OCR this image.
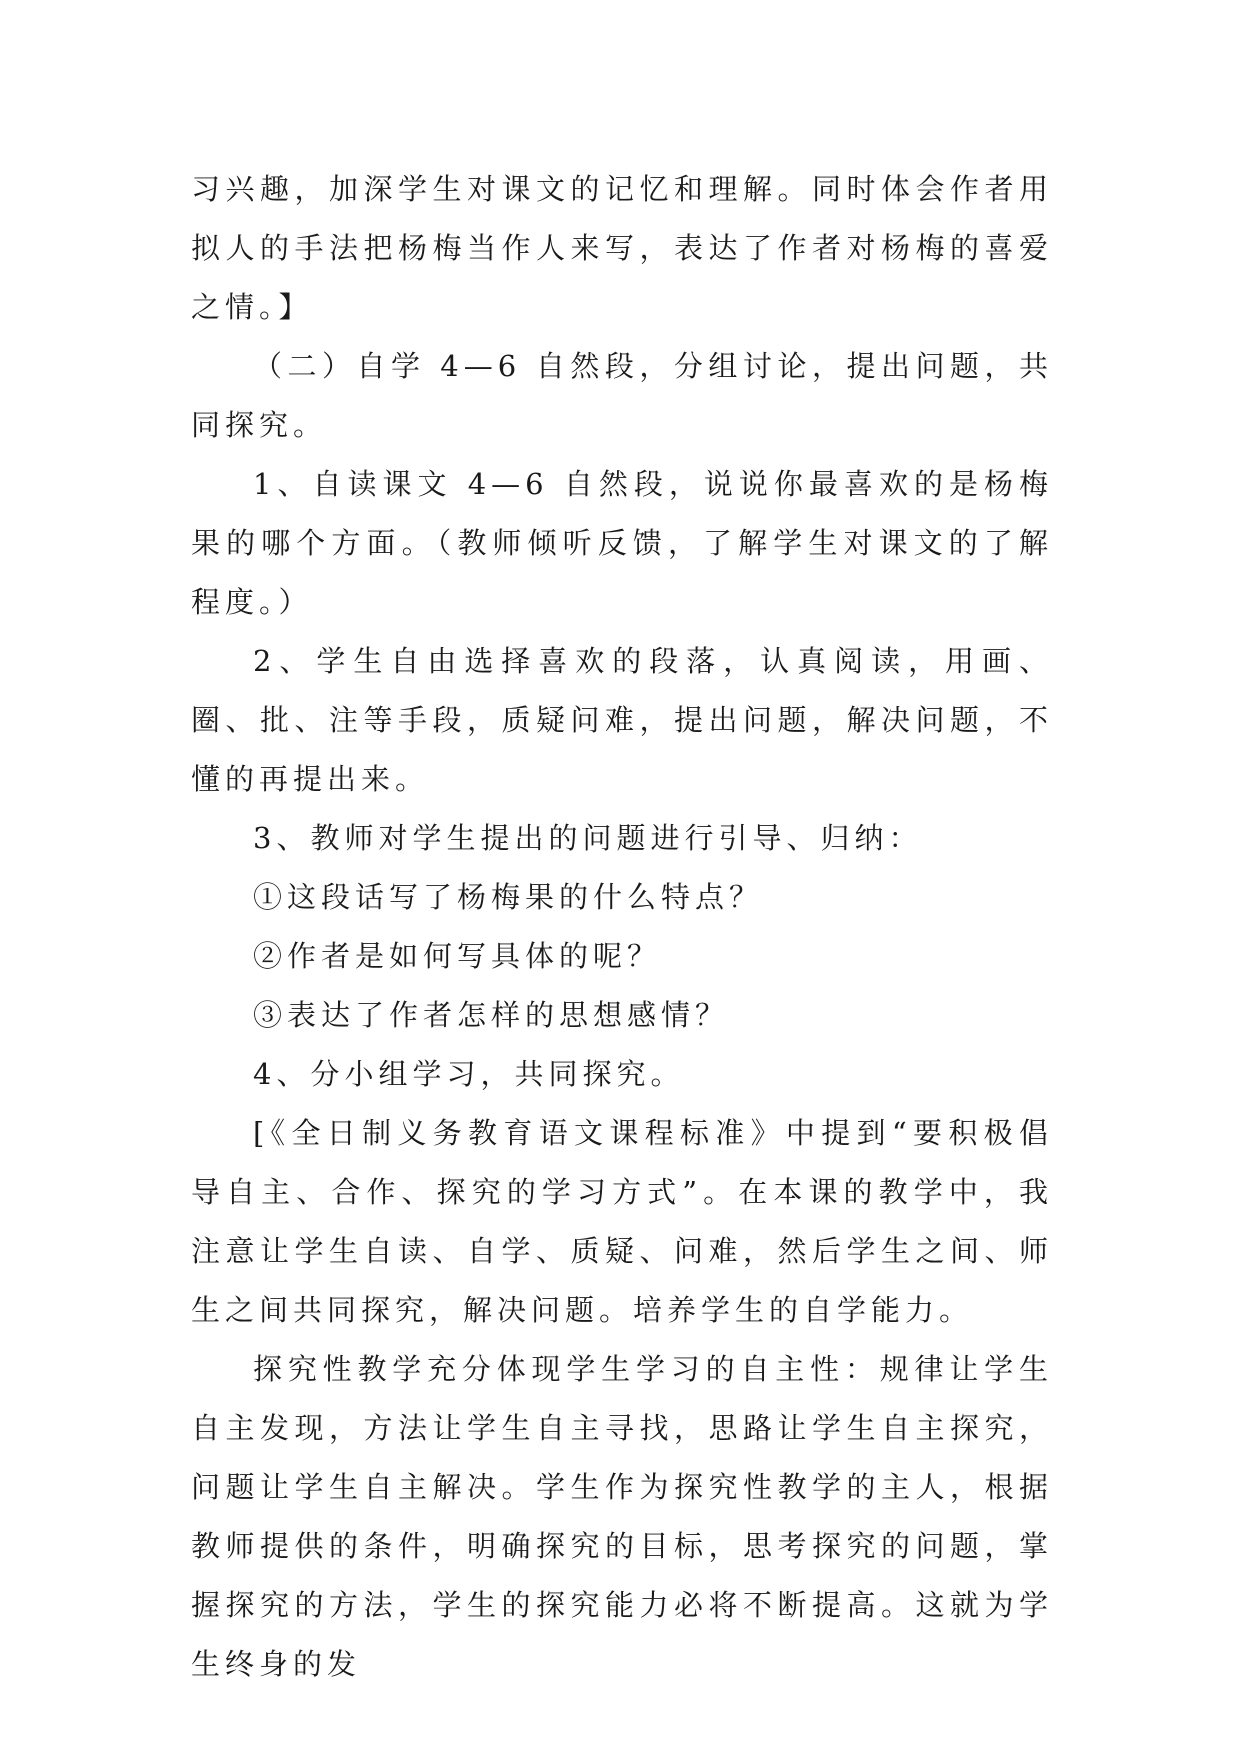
习兴趣，加深学生对课文的记忆和理解。同时体会作者用拟人的手法把杨梅当作人来写，表达了作者对杨梅的喜爱之情。】

（二）自学 4—6 自然段，分组讨论，提出问题，共同探究。

1、自读课文 4—6 自然段，说说你最喜欢的是杨梅果的哪个方面。（教师倾听反馈，了解学生对课文的了解程度。）

2、学生自由选择喜欢的段落，认真阅读，用画、圈、批、注等手段，质疑问难，提出问题，解决问题，不懂的再提出来。

3、教师对学生提出的问题进行引导、归纳：

①这段话写了杨梅果的什么特点？

②作者是如何写具体的呢？

③表达了作者怎样的思想感情？

4、分小组学习，共同探究。

[《全日制义务教育语文课程标准》中提到“要积极倡导自主、合作、探究的学习方式”。在本课的教学中，我注意让学生自读、自学、质疑、问难，然后学生之间、师生之间共同探究，解决问题。培养学生的自学能力。

探究性教学充分体现学生学习的自主性：规律让学生自主发现，方法让学生自主寻找，思路让学生自主探究，问题让学生自主解决。学生作为探究性教学的主人，根据教师提供的条件，明确探究的目标，思考探究的问题，掌握探究的方法，学生的探究能力必将不断提高。这就为学生终身的发
